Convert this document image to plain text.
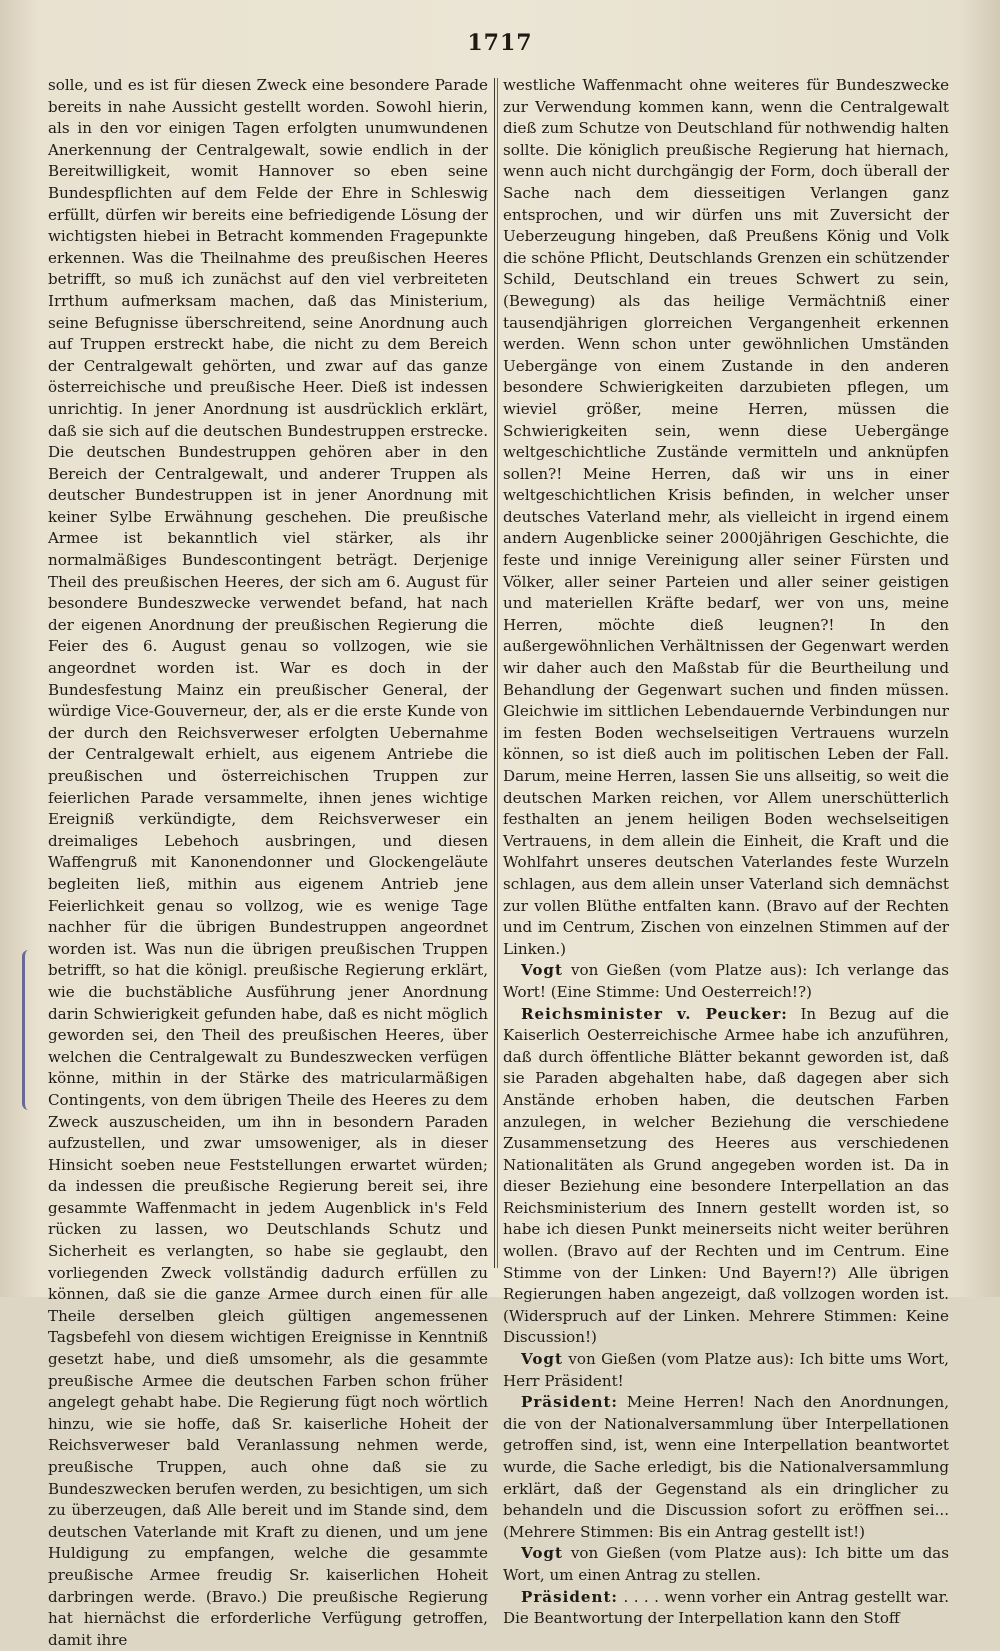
1717

solle, und es ist für diesen Zweck eine besondere Parade bereits in nahe Aussicht gestellt worden. Sowohl hierin, als in den vor einigen Tagen erfolgten unumwundenen Anerkennung der Centralgewalt, sowie endlich in der Bereitwilligkeit, womit Hannover so eben seine Bundespflichten auf dem Felde der Ehre in Schleswig erfüllt, dürfen wir bereits eine befriedigende Lösung der wichtigsten hiebei in Betracht kommenden Fragepunkte erkennen. Was die Theilnahme des preußischen Heeres betrifft, so muß ich zunächst auf den viel verbreiteten Irrthum aufmerksam machen, daß das Ministerium, seine Befugnisse überschreitend, seine Anordnung auch auf Truppen erstreckt habe, die nicht zu dem Bereich der Centralgewalt gehörten, und zwar auf das ganze österreichische und preußische Heer. Dieß ist indessen unrichtig. In jener Anordnung ist ausdrücklich erklärt, daß sie sich auf die deutschen Bundestruppen erstrecke. Die deutschen Bundestruppen gehören aber in den Bereich der Centralgewalt, und anderer Truppen als deutscher Bundestruppen ist in jener Anordnung mit keiner Sylbe Erwähnung geschehen. Die preußische Armee ist bekanntlich viel stärker, als ihr normalmäßiges Bundescontingent beträgt. Derjenige Theil des preußischen Heeres, der sich am 6. August für besondere Bundeszwecke verwendet befand, hat nach der eigenen Anordnung der preußischen Regierung die Feier des 6. August genau so vollzogen, wie sie angeordnet worden ist. War es doch in der Bundesfestung Mainz ein preußischer General, der würdige Vice-Gouverneur, der, als er die erste Kunde von der durch den Reichsverweser erfolgten Uebernahme der Centralgewalt erhielt, aus eigenem Antriebe die preußischen und österreichischen Truppen zur feierlichen Parade versammelte, ihnen jenes wichtige Ereigniß verkündigte, dem Reichsverweser ein dreimaliges Lebehoch ausbringen, und diesen Waffengruß mit Kanonendonner und Glockengeläute begleiten ließ, mithin aus eigenem Antrieb jene Feierlichkeit genau so vollzog, wie es wenige Tage nachher für die übrigen Bundestruppen angeordnet worden ist. Was nun die übrigen preußischen Truppen betrifft, so hat die königl. preußische Regierung erklärt, wie die buchstäbliche Ausführung jener Anordnung darin Schwierigkeit gefunden habe, daß es nicht möglich geworden sei, den Theil des preußischen Heeres, über welchen die Centralgewalt zu Bundeszwecken verfügen könne, mithin in der Stärke des matricularmäßigen Contingents, von dem übrigen Theile des Heeres zu dem Zweck auszuscheiden, um ihn in besondern Paraden aufzustellen, und zwar umsoweniger, als in dieser Hinsicht soeben neue Feststellungen erwartet würden; da indessen die preußische Regierung bereit sei, ihre gesammte Waffenmacht in jedem Augenblick in's Feld rücken zu lassen, wo Deutschlands Schutz und Sicherheit es verlangten, so habe sie geglaubt, den vorliegenden Zweck vollständig dadurch erfüllen zu können, daß sie die ganze Armee durch einen für alle Theile derselben gleich gültigen angemessenen Tagsbefehl von diesem wichtigen Ereignisse in Kenntniß gesetzt habe, und dieß umsomehr, als die gesammte preußische Armee die deutschen Farben schon früher angelegt gehabt habe. Die Regierung fügt noch wörtlich hinzu, wie sie hoffe, daß Sr. kaiserliche Hoheit der Reichsverweser bald Veranlassung nehmen werde, preußische Truppen, auch ohne daß sie zu Bundeszwecken berufen werden, zu besichtigen, um sich zu überzeugen, daß Alle bereit und im Stande sind, dem deutschen Vaterlande mit Kraft zu dienen, und um jene Huldigung zu empfangen, welche die gesammte preußische Armee freudig Sr. kaiserlichen Hoheit darbringen werde. (Bravo.) Die preußische Regierung hat hiernächst die erforderliche Verfügung getroffen, damit ihre

westliche Waffenmacht ohne weiteres für Bundeszwecke zur Verwendung kommen kann, wenn die Centralgewalt dieß zum Schutze von Deutschland für nothwendig halten sollte. Die königlich preußische Regierung hat hiernach, wenn auch nicht durchgängig der Form, doch überall der Sache nach dem diesseitigen Verlangen ganz entsprochen, und wir dürfen uns mit Zuversicht der Ueberzeugung hingeben, daß Preußens König und Volk die schöne Pflicht, Deutschlands Grenzen ein schützender Schild, Deutschland ein treues Schwert zu sein, (Bewegung) als das heilige Vermächtniß einer tausendjährigen glorreichen Vergangenheit erkennen werden. Wenn schon unter gewöhnlichen Umständen Uebergänge von einem Zustande in den anderen besondere Schwierigkeiten darzubieten pflegen, um wieviel größer, meine Herren, müssen die Schwierigkeiten sein, wenn diese Uebergänge weltgeschichtliche Zustände vermitteln und anknüpfen sollen?! Meine Herren, daß wir uns in einer weltgeschichtlichen Krisis befinden, in welcher unser deutsches Vaterland mehr, als vielleicht in irgend einem andern Augenblicke seiner 2000jährigen Geschichte, die feste und innige Vereinigung aller seiner Fürsten und Völker, aller seiner Parteien und aller seiner geistigen und materiellen Kräfte bedarf, wer von uns, meine Herren, möchte dieß leugnen?! In den außergewöhnlichen Verhältnissen der Gegenwart werden wir daher auch den Maßstab für die Beurtheilung und Behandlung der Gegenwart suchen und finden müssen. Gleichwie im sittlichen Lebendauernde Verbindungen nur im festen Boden wechselseitigen Vertrauens wurzeln können, so ist dieß auch im politischen Leben der Fall. Darum, meine Herren, lassen Sie uns allseitig, so weit die deutschen Marken reichen, vor Allem unerschütterlich festhalten an jenem heiligen Boden wechselseitigen Vertrauens, in dem allein die Einheit, die Kraft und die Wohlfahrt unseres deutschen Vaterlandes feste Wurzeln schlagen, aus dem allein unser Vaterland sich demnächst zur vollen Blüthe entfalten kann. (Bravo auf der Rechten und im Centrum, Zischen von einzelnen Stimmen auf der Linken.)

Vogt von Gießen (vom Platze aus): Ich verlange das Wort! (Eine Stimme: Und Oesterreich!?)

Reichsminister v. Peucker: In Bezug auf die Kaiserlich Oesterreichische Armee habe ich anzuführen, daß durch öffentliche Blätter bekannt geworden ist, daß sie Paraden abgehalten habe, daß dagegen aber sich Anstände erhoben haben, die deutschen Farben anzulegen, in welcher Beziehung die verschiedene Zusammensetzung des Heeres aus verschiedenen Nationalitäten als Grund angegeben worden ist. Da in dieser Beziehung eine besondere Interpellation an das Reichsministerium des Innern gestellt worden ist, so habe ich diesen Punkt meinerseits nicht weiter berühren wollen. (Bravo auf der Rechten und im Centrum. Eine Stimme von der Linken: Und Bayern!?) Alle übrigen Regierungen haben angezeigt, daß vollzogen worden ist. (Widerspruch auf der Linken. Mehrere Stimmen: Keine Discussion!)

Vogt von Gießen (vom Platze aus): Ich bitte ums Wort, Herr Präsident!

Präsident: Meine Herren! Nach den Anordnungen, die von der Nationalversammlung über Interpellationen getroffen sind, ist, wenn eine Interpellation beantwortet wurde, die Sache erledigt, bis die Nationalversammlung erklärt, daß der Gegenstand als ein dringlicher zu behandeln und die Discussion sofort zu eröffnen sei... (Mehrere Stimmen: Bis ein Antrag gestellt ist!)

Vogt von Gießen (vom Platze aus): Ich bitte um das Wort, um einen Antrag zu stellen.

Präsident: . . . . wenn vorher ein Antrag gestellt war. Die Beantwortung der Interpellation kann den Stoff
